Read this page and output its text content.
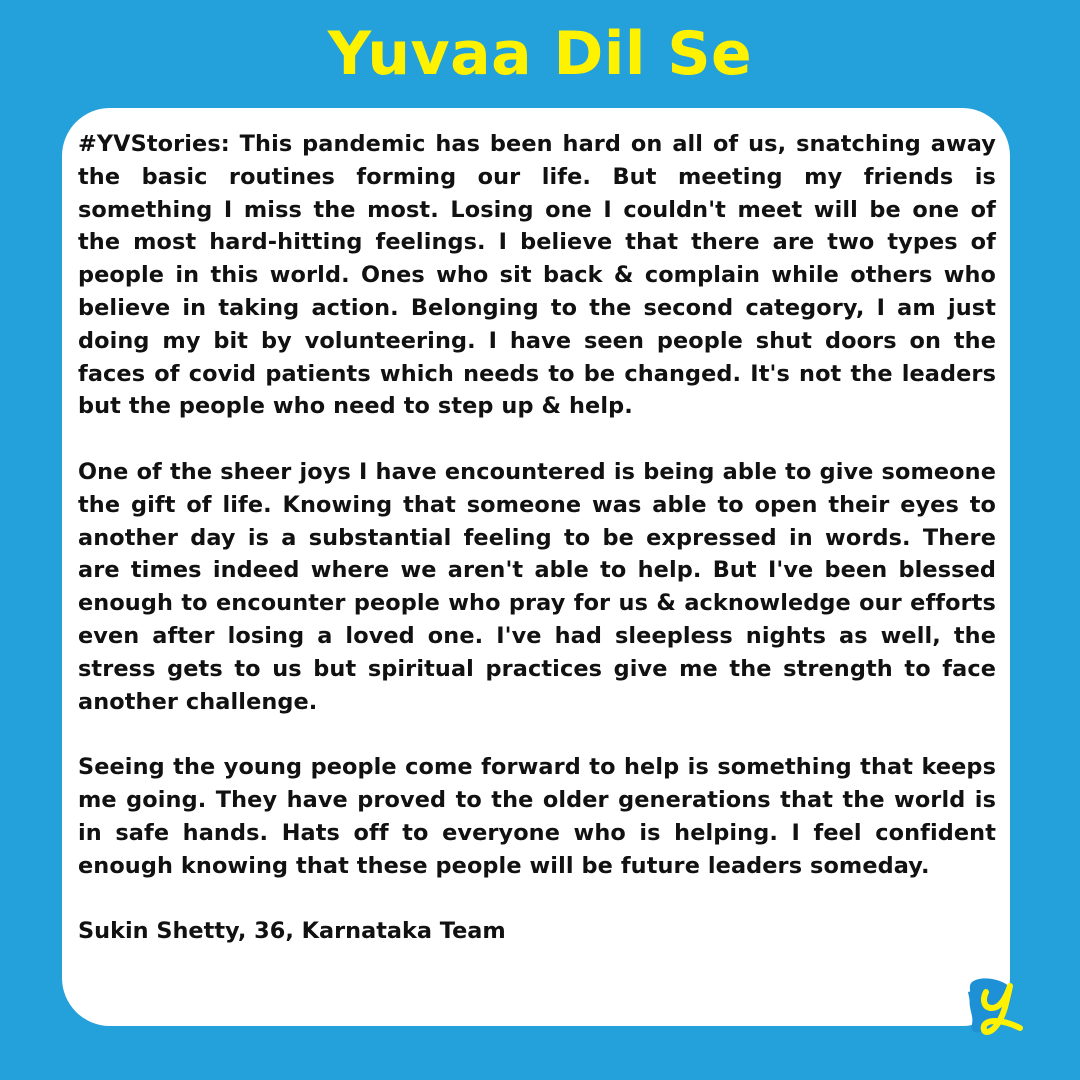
Yuvaa Dil Se

#YVStories: This pandemic has been hard on all of us, snatching away the basic routines forming our life. But meeting my friends is something I miss the most. Losing one I couldn't meet will be one of the most hard-hitting feelings. I believe that there are two types of people in this world. Ones who sit back & complain while others who believe in taking action. Belonging to the second category, I am just doing my bit by volunteering. I have seen people shut doors on the faces of covid patients which needs to be changed. It's not the leaders but the people who need to step up & help.

One of the sheer joys I have encountered is being able to give someone the gift of life. Knowing that someone was able to open their eyes to another day is a substantial feeling to be expressed in words. There are times indeed where we aren't able to help. But I've been blessed enough to encounter people who pray for us & acknowledge our efforts even after losing a loved one. I've had sleepless nights as well, the stress gets to us but spiritual practices give me the strength to face another challenge.

Seeing the young people come forward to help is something that keeps me going. They have proved to the older generations that the world is in safe hands. Hats off to everyone who is helping. I feel confident enough knowing that these people will be future leaders someday.

Sukin Shetty, 36, Karnataka Team
